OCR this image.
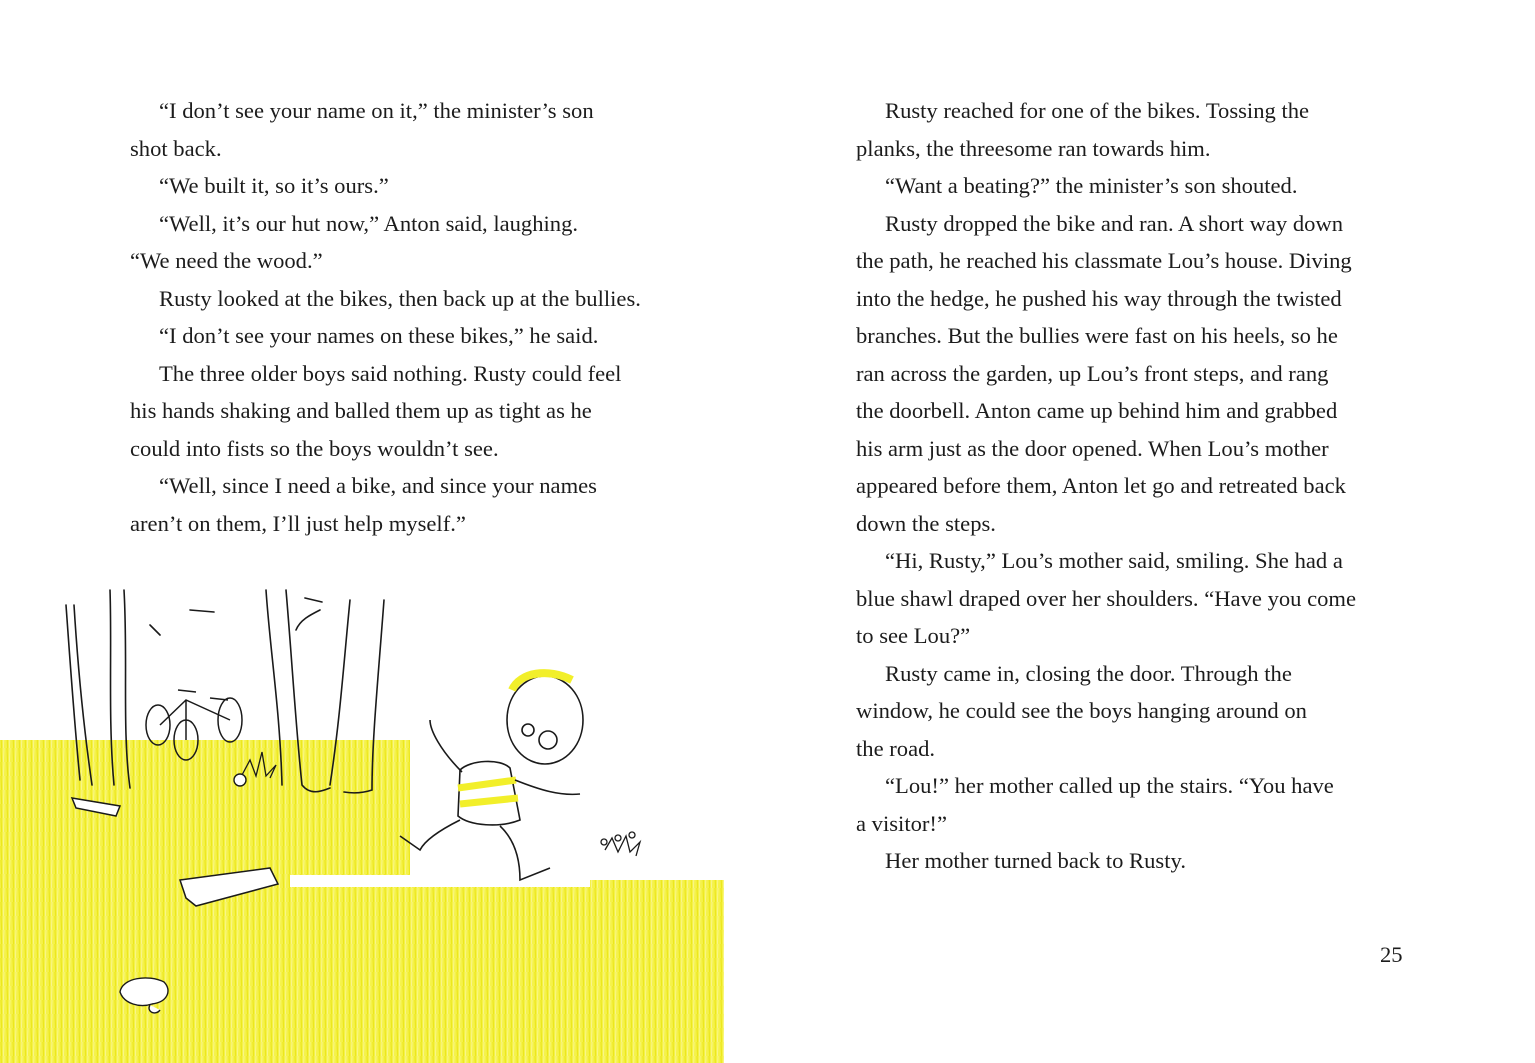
“I don’t see your name on it,” the minister’s son
shot back.
“We built it, so it’s ours.”
“Well, it’s our hut now,” Anton said, laughing.
“We need the wood.”
Rusty looked at the bikes, then back up at the bullies.
“I don’t see your names on these bikes,” he said.
The three older boys said nothing. Rusty could feel
his hands shaking and balled them up as tight as he
could into fists so the boys wouldn’t see.
“Well, since I need a bike, and since your names
aren’t on them, I’ll just help myself.”
Rusty reached for one of the bikes. Tossing the
planks, the threesome ran towards him.
“Want a beating?” the minister’s son shouted.
Rusty dropped the bike and ran. A short way down
the path, he reached his classmate Lou’s house. Diving
into the hedge, he pushed his way through the twisted
branches. But the bullies were fast on his heels, so he
ran across the garden, up Lou’s front steps, and rang
the doorbell. Anton came up behind him and grabbed
his arm just as the door opened. When Lou’s mother
appeared before them, Anton let go and retreated back
down the steps.
“Hi, Rusty,” Lou’s mother said, smiling. She had a
blue shawl draped over her shoulders. “Have you come
to see Lou?”
Rusty came in, closing the door. Through the
window, he could see the boys hanging around on
the road.
“Lou!” her mother called up the stairs. “You have
a visitor!”
Her mother turned back to Rusty.
25
